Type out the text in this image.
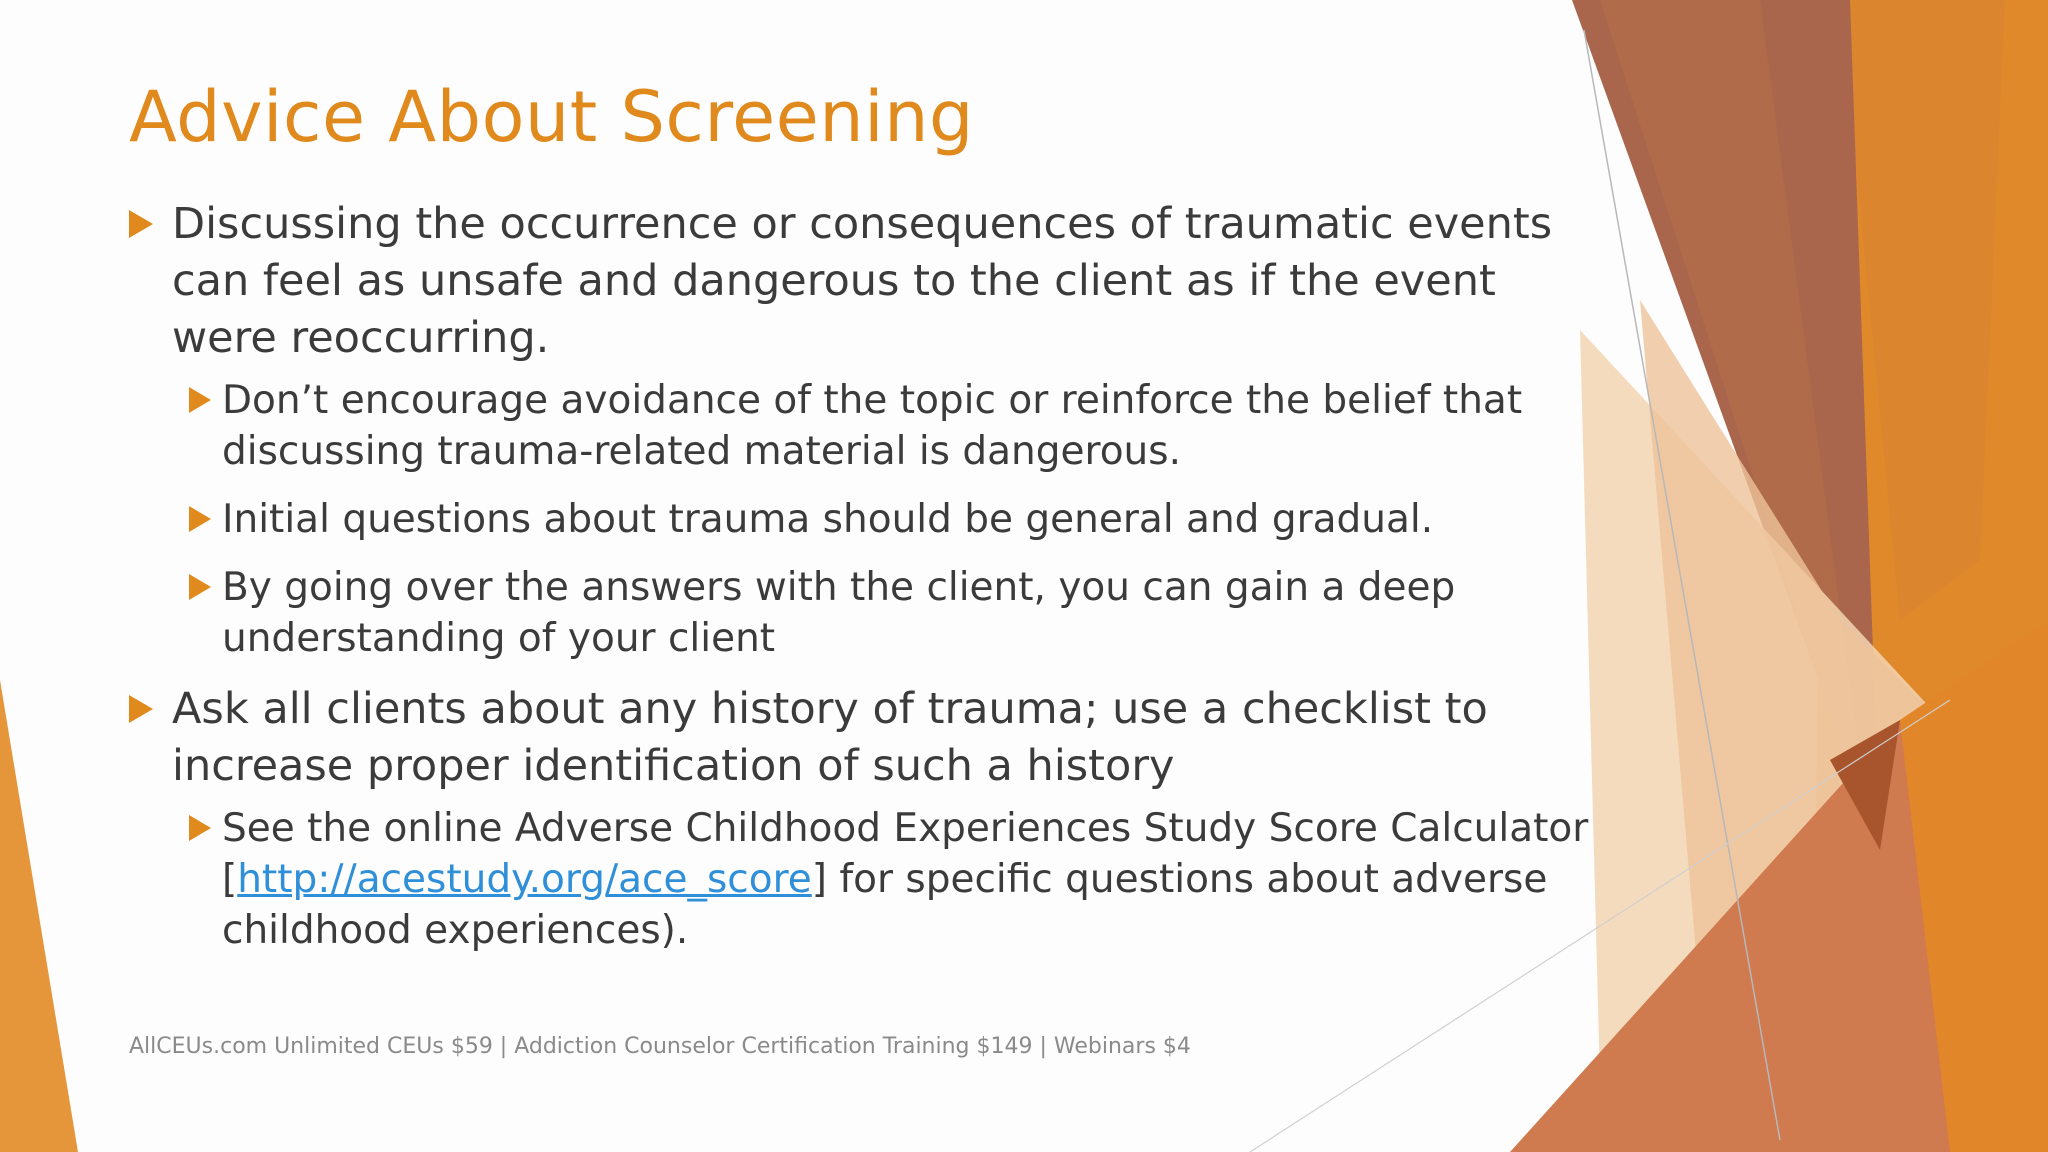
Advice About Screening
Discussing the occurrence or consequences of traumatic events can feel as unsafe and dangerous to the client as if the event were reoccurring.
Don’t encourage avoidance of the topic or reinforce the belief that discussing trauma-related material is dangerous.
Initial questions about trauma should be general and gradual.
By going over the answers with the client, you can gain a deep understanding of your client
Ask all clients about any history of trauma; use a checklist to increase proper identification of such a history
See the online Adverse Childhood Experiences Study Score Calculator [http://acestudy.org/ace_score] for specific questions about adverse childhood experiences).
AllCEUs.com Unlimited CEUs $59 | Addiction Counselor Certification Training $149 | Webinars $4
